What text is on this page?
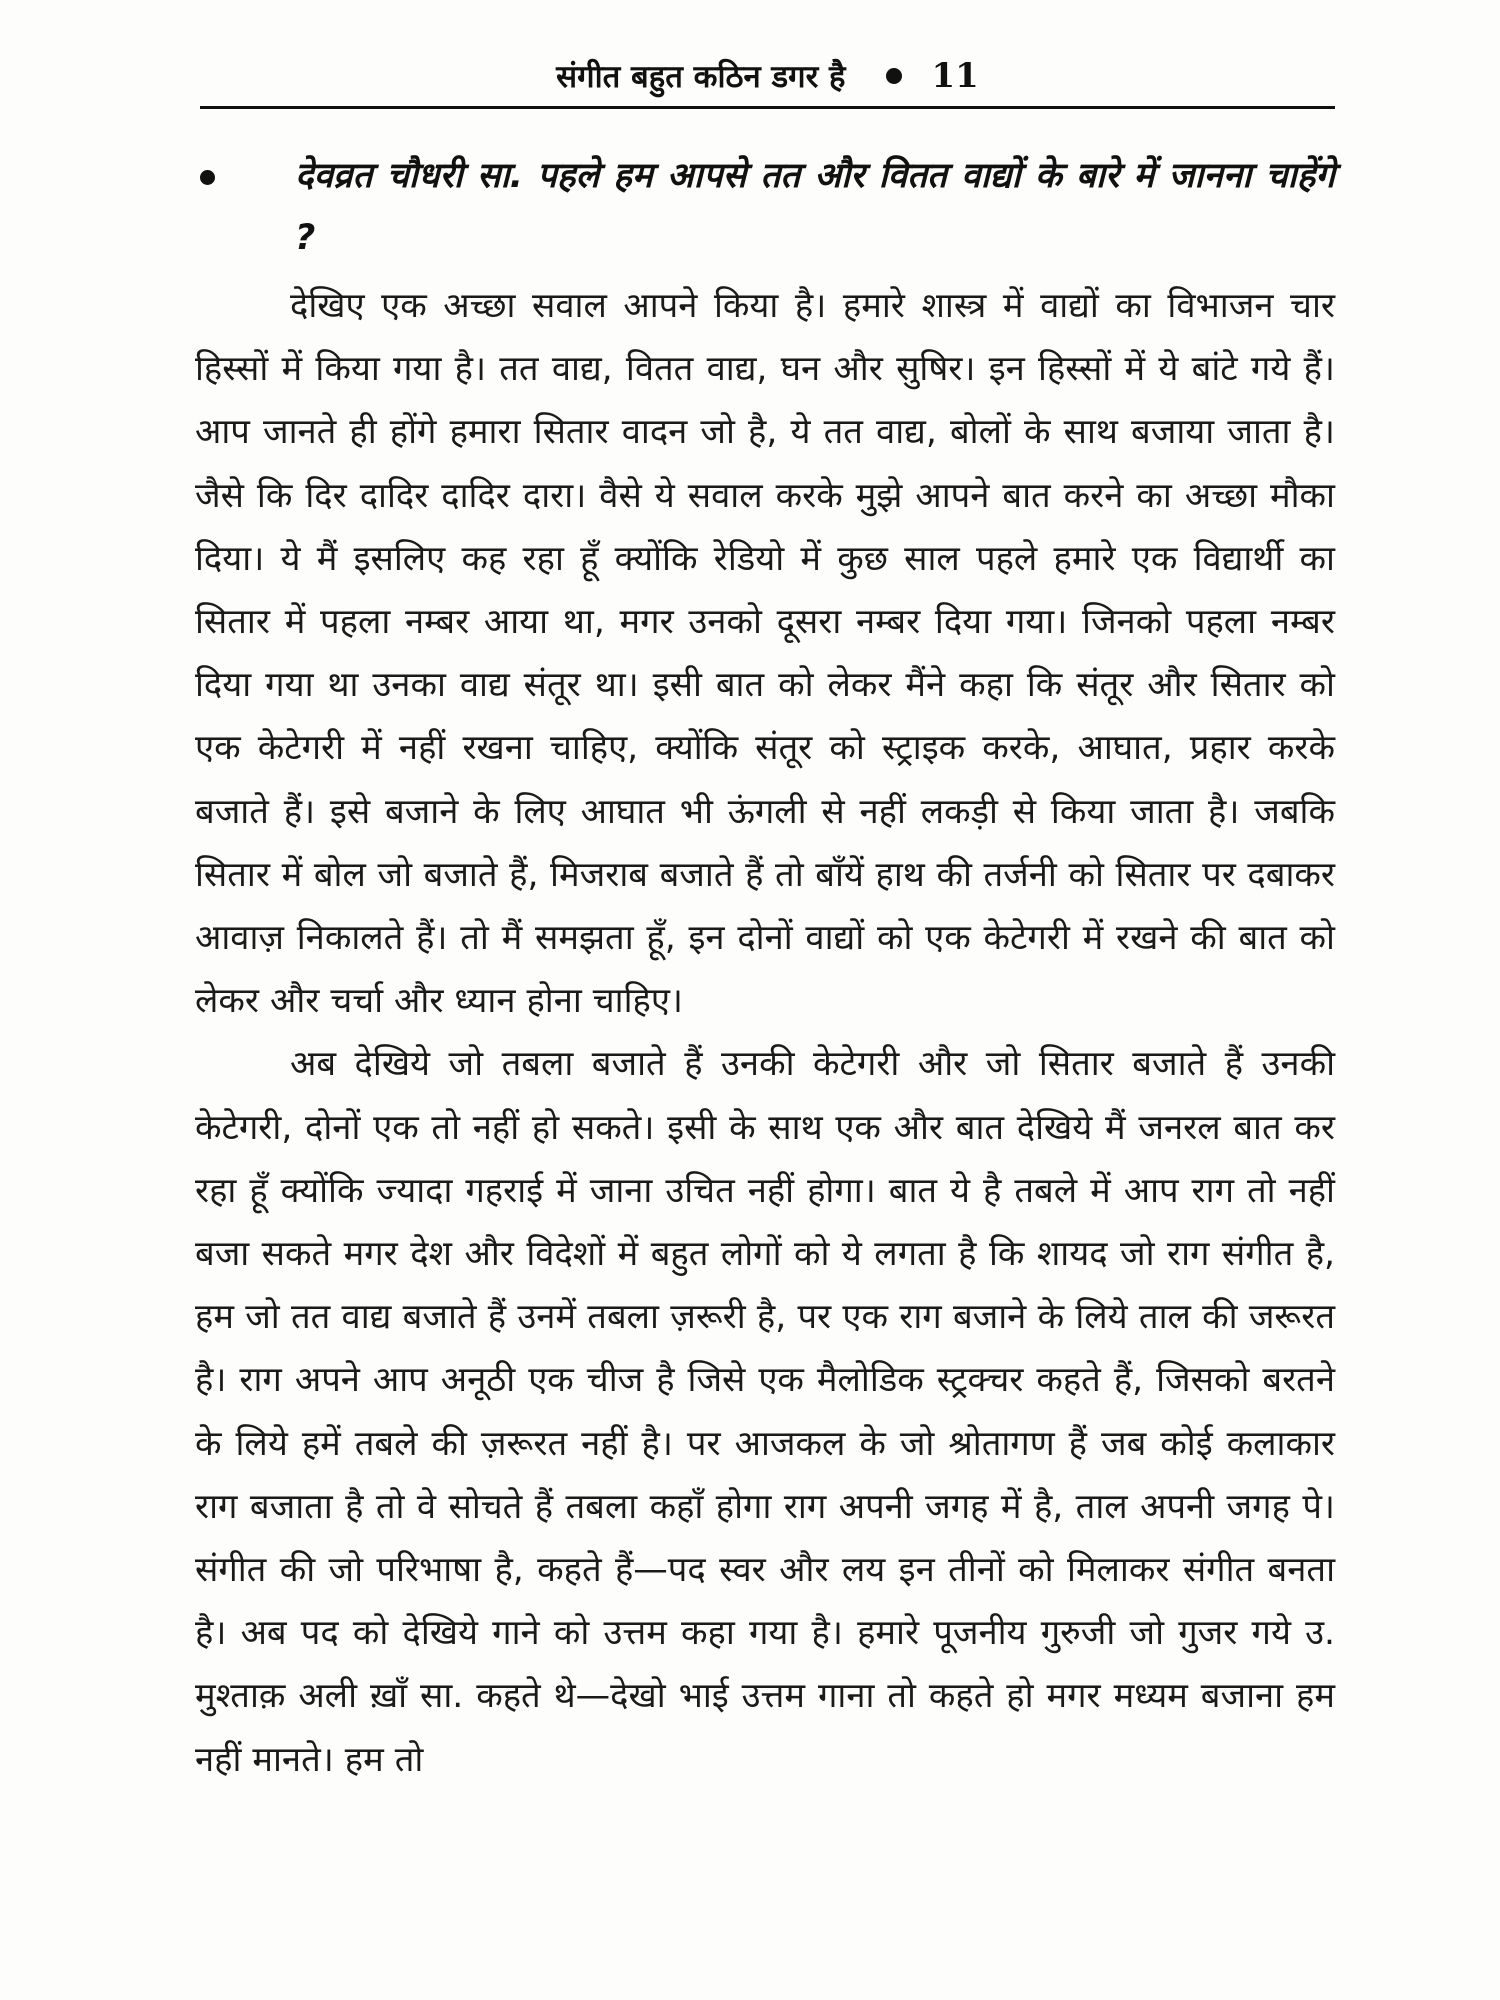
संगीत बहुत कठिन डगर है	11
देवव्रत चौधरी सा. पहले हम आपसे तत और वितत वाद्यों के बारे में जानना चाहेंगे ?

देखिए एक अच्छा सवाल आपने किया है। हमारे शास्त्र में वाद्यों का विभाजन चार हिस्सों में किया गया है। तत वाद्य, वितत वाद्य, घन और सुषिर। इन हिस्सों में ये बांटे गये हैं। आप जानते ही होंगे हमारा सितार वादन जो है, ये तत वाद्य, बोलों के साथ बजाया जाता है। जैसे कि दिर दादिर दादिर दारा। वैसे ये सवाल करके मुझे आपने बात करने का अच्छा मौका दिया। ये मैं इसलिए कह रहा हूँ क्योंकि रेडियो में कुछ साल पहले हमारे एक विद्यार्थी का सितार में पहला नम्बर आया था, मगर उनको दूसरा नम्बर दिया गया। जिनको पहला नम्बर दिया गया था उनका वाद्य संतूर था। इसी बात को लेकर मैंने कहा कि संतूर और सितार को एक केटेगरी में नहीं रखना चाहिए, क्योंकि संतूर को स्ट्राइक करके, आघात, प्रहार करके बजाते हैं। इसे बजाने के लिए आघात भी ऊंगली से नहीं लकड़ी से किया जाता है। जबकि सितार में बोल जो बजाते हैं, मिजराब बजाते हैं तो बाँयें हाथ की तर्जनी को सितार पर दबाकर आवाज़ निकालते हैं। तो मैं समझता हूँ, इन दोनों वाद्यों को एक केटेगरी में रखने की बात को लेकर और चर्चा और ध्यान होना चाहिए।

अब देखिये जो तबला बजाते हैं उनकी केटेगरी और जो सितार बजाते हैं उनकी केटेगरी, दोनों एक तो नहीं हो सकते। इसी के साथ एक और बात देखिये मैं जनरल बात कर रहा हूँ क्योंकि ज्यादा गहराई में जाना उचित नहीं होगा। बात ये है तबले में आप राग तो नहीं बजा सकते मगर देश और विदेशों में बहुत लोगों को ये लगता है कि शायद जो राग संगीत है, हम जो तत वाद्य बजाते हैं उनमें तबला ज़रूरी है, पर एक राग बजाने के लिये ताल की जरूरत है। राग अपने आप अनूठी एक चीज है जिसे एक मैलोडिक स्ट्रक्चर कहते हैं, जिसको बरतने के लिये हमें तबले की ज़रूरत नहीं है। पर आजकल के जो श्रोतागण हैं जब कोई कलाकार राग बजाता है तो वे सोचते हैं तबला कहाँ होगा राग अपनी जगह में है, ताल अपनी जगह पे। संगीत की जो परिभाषा है, कहते हैं—पद स्वर और लय इन तीनों को मिलाकर संगीत बनता है। अब पद को देखिये गाने को उत्तम कहा गया है। हमारे पूजनीय गुरुजी जो गुजर गये उ. मुश्ताक़ अली ख़ाँ सा. कहते थे—देखो भाई उत्तम गाना तो कहते हो मगर मध्यम बजाना हम नहीं मानते। हम तो
